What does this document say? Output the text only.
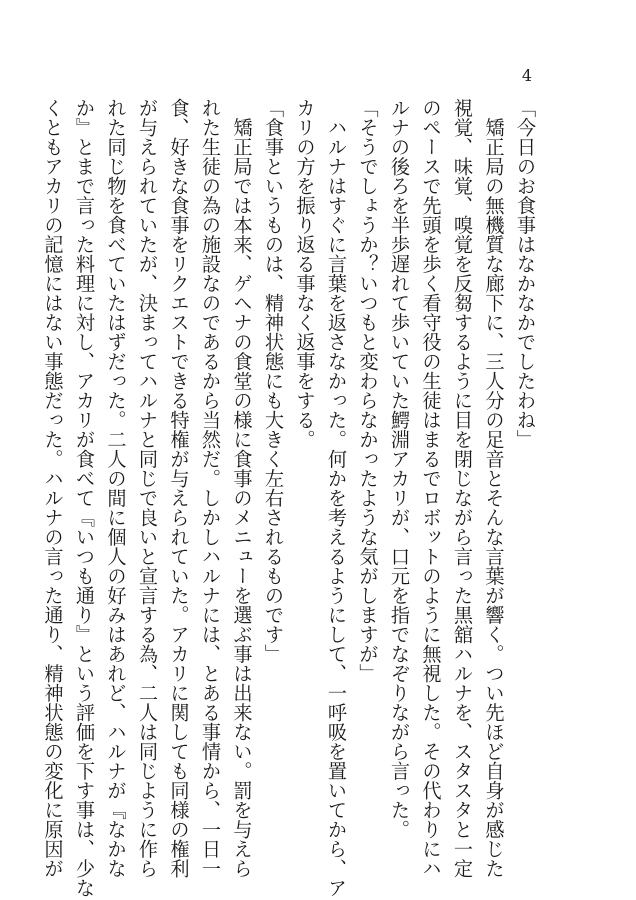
4
「今日のお食事はなかなかでしたわね」
　矯正局の無機質な廊下に、三人分の足音とそんな言葉が響く。つい先ほど自身が感じた
視覚、味覚、嗅覚を反芻するように目を閉じながら言った黒舘ハルナを、スタスタと一定
のペースで先頭を歩く看守役の生徒はまるでロボットのように無視した。その代わりにハ
ルナの後ろを半歩遅れて歩いていた鰐淵アカリが、口元を指でなぞりながら言った。
「そうでしょうか？いつもと変わらなかったような気がしますが」
　ハルナはすぐに言葉を返さなかった。何かを考えるようにして、一呼吸を置いてから、ア
カリの方を振り返る事なく返事をする。
「食事というものは、精神状態にも大きく左右されるものです」
　矯正局では本来、ゲヘナの食堂の様に食事のメニューを選ぶ事は出来ない。罰を与えら
れた生徒の為の施設なのであるから当然だ。しかしハルナには、とある事情から、一日一
食、好きな食事をリクエストできる特権が与えられていた。アカリに関しても同様の権利
が与えられていたが、決まってハルナと同じで良いと宣言する為、二人は同じように作ら
れた同じ物を食べていたはずだった。二人の間に個人の好みはあれど、ハルナが『なかな
か』とまで言った料理に対し、アカリが食べて『いつも通り』という評価を下す事は、少な
くともアカリの記憶にはない事態だった。ハルナの言った通り、精神状態の変化に原因が
